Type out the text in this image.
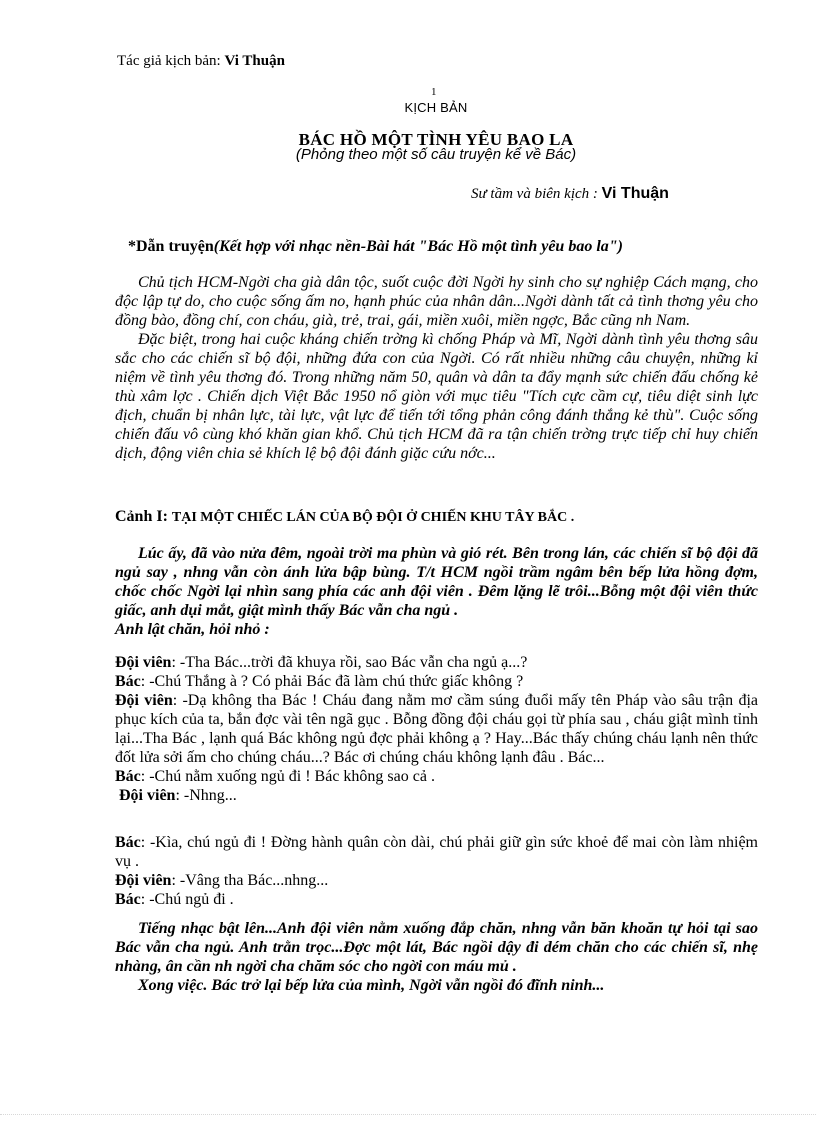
Tác giả kịch bản: Vi Thuận
1
KỊCH BẢN
BÁC HỒ MỘT TÌNH YÊU BAO LA
(Phỏng theo một số câu truyện kể về Bác)
Sư tầm và biên kịch : Vi Thuận
*Dẫn truyện(Kết hợp với nhạc nền-Bài hát "Bác Hồ một tình yêu bao la")
Chủ tịch HCM-Ngời cha già dân tộc, suốt cuộc đời Ngời hy sinh cho sự nghiệp Cách mạng, cho độc lập tự do, cho cuộc sống ấm no, hạnh phúc của nhân dân...Ngời dành tất cả tình thơng yêu cho đồng bào, đồng chí, con cháu, già, trẻ, trai, gái, miền xuôi, miền ngợc, Bắc cũng nh Nam.
Đặc biệt, trong hai cuộc kháng chiến trờng kì chống Pháp và Mĩ, Ngời dành tình yêu thơng sâu sắc cho các chiến sĩ bộ đội, những đứa con của Ngời. Có rất nhiều những câu chuyện, những kỉ niệm về tình yêu thơng đó. Trong những năm 50, quân và dân ta đẩy mạnh sức chiến đấu chống kẻ thù xâm lợc . Chiến dịch Việt Bắc 1950 nổ giòn với mục tiêu "Tích cực cầm cự, tiêu diệt sinh lực địch, chuẩn bị nhân lực, tài lực, vật lực để tiến tới tổng phản công đánh thắng kẻ thù". Cuộc sống chiến đấu vô cùng khó khăn gian khổ. Chủ tịch HCM đã ra tận chiến trờng trực tiếp chỉ huy chiến dịch, động viên chia sẻ khích lệ bộ đội đánh giặc cứu nớc...
Cảnh I: TẠI MỘT CHIẾC LÁN CỦA BỘ ĐỘI Ở CHIẾN KHU TÂY BẮC .
Lúc ấy, đã vào nửa đêm, ngoài trời ma phùn và gió rét. Bên trong lán, các chiến sĩ bộ đội đã ngủ say , nhng vẫn còn ánh lửa bập bùng. T/t HCM ngồi trầm ngâm bên bếp lửa hồng đợm, chốc chốc Ngời lại nhìn sang phía các anh đội viên . Đêm lặng lẽ trôi...Bỗng một đội viên thức giấc, anh dụi mắt, giật mình thấy Bác vẫn cha ngủ .
Anh lật chăn, hỏi nhỏ :
Đội viên: -Tha Bác...trời đã khuya rồi, sao Bác vẫn cha ngủ ạ...?
Bác: -Chú Thắng à ? Có phải Bác đã làm chú thức giấc không ?
Đội viên: -Dạ không tha Bác ! Cháu đang nằm mơ cầm súng đuổi mấy tên Pháp vào sâu trận địa phục kích của ta, bắn đợc vài tên ngã gục . Bỗng đồng đội cháu gọi từ phía sau , cháu giật mình tỉnh lại...Tha Bác , lạnh quá Bác không ngủ đợc phải không ạ ? Hay...Bác thấy chúng cháu lạnh nên thức đốt lửa sởi ấm cho chúng cháu...? Bác ơi chúng cháu không lạnh đâu . Bác...
Bác: -Chú nằm xuống ngủ đi ! Bác không sao cả .
Đội viên: -Nhng...
Bác: -Kìa, chú ngủ đi ! Đờng hành quân còn dài, chú phải giữ gìn sức khoẻ để mai còn làm nhiệm vụ .
Đội viên: -Vâng tha Bác...nhng...
Bác: -Chú ngủ đi .
Tiếng nhạc bật lên...Anh đội viên nằm xuống đắp chăn, nhng vẫn băn khoăn tự hỏi tại sao Bác vẫn cha ngủ. Anh trằn trọc...Đợc một lát, Bác ngồi dậy đi dém chăn cho các chiến sĩ, nhẹ nhàng, ân cần nh ngời cha chăm sóc cho ngời con máu mủ .
Xong việc. Bác trở lại bếp lửa của mình, Ngời vẫn ngồi đó đĩnh ninh...
